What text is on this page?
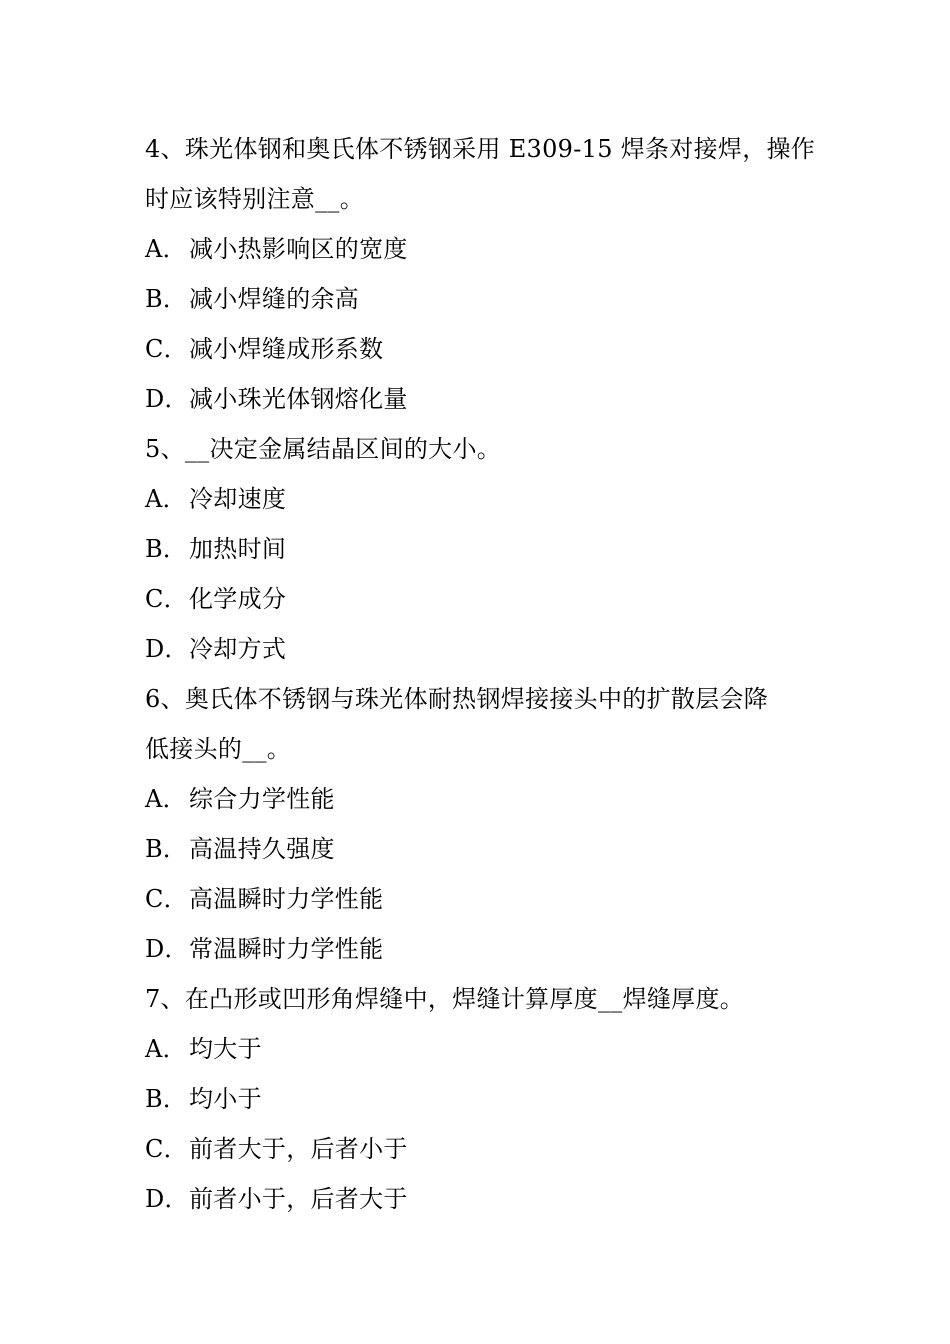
4、珠光体钢和奥氏体不锈钢采用 E309-15 焊条对接焊，操作
时应该特别注意__。
A．减小热影响区的宽度
B．减小焊缝的余高
C．减小焊缝成形系数
D．减小珠光体钢熔化量
5、__决定金属结晶区间的大小。
A．冷却速度
B．加热时间
C．化学成分
D．冷却方式
6、奥氏体不锈钢与珠光体耐热钢焊接接头中的扩散层会降
低接头的__。
A．综合力学性能
B．高温持久强度
C．高温瞬时力学性能
D．常温瞬时力学性能
7、在凸形或凹形角焊缝中，焊缝计算厚度__焊缝厚度。
A．均大于
B．均小于
C．前者大于，后者小于
D．前者小于，后者大于
